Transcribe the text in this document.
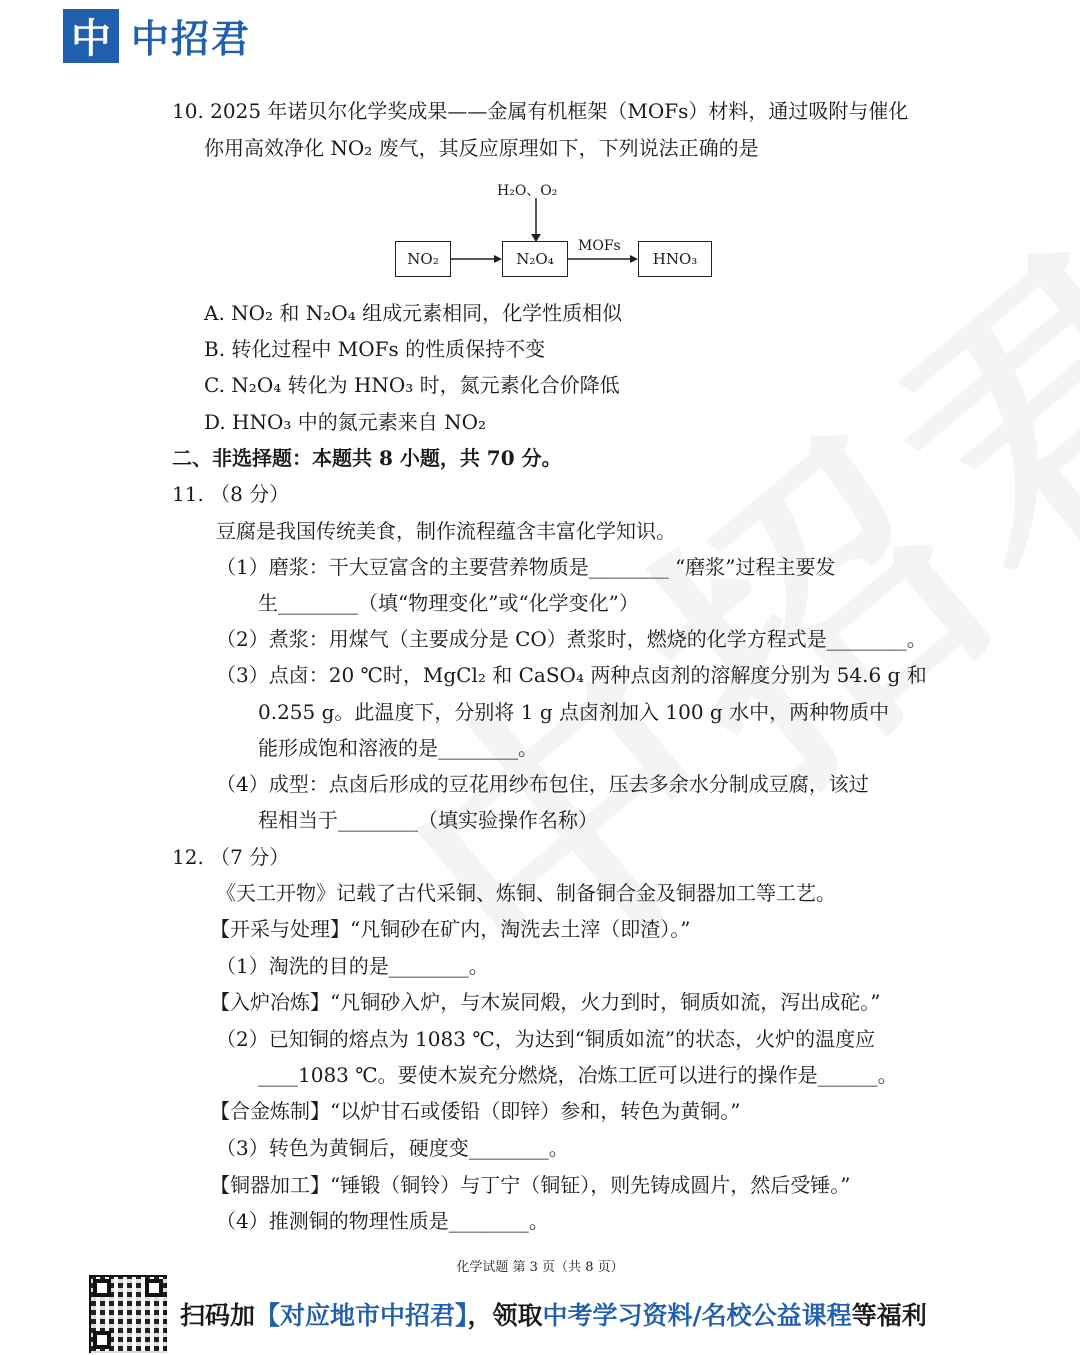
中 中招君
10. 2025 年诺贝尔化学奖成果——金属有机框架（MOFs）材料，通过吸附与催化
你用高效净化 NO₂ 废气，其反应原理如下，下列说法正确的是
H₂O、O₂
NO₂	N₂O₄
MOFs
HNO₃
A. NO₂ 和 N₂O₄ 组成元素相同，化学性质相似
B. 转化过程中 MOFs 的性质保持不变
C. N₂O₄ 转化为 HNO₃ 时，氮元素化合价降低
D. HNO₃ 中的氮元素来自 NO₂
二、非选择题：本题共 8 小题，共 70 分。
11. （8 分）
豆腐是我国传统美食，制作流程蕴含丰富化学知识。
（1）磨浆：干大豆富含的主要营养物质是________ “磨浆”过程主要发
生________（填“物理变化”或“化学变化”）
（2）煮浆：用煤气（主要成分是 CO）煮浆时，燃烧的化学方程式是________。
（3）点卤：20 ℃时，MgCl₂ 和 CaSO₄ 两种点卤剂的溶解度分别为 54.6 g 和
0.255 g。此温度下，分别将 1 g 点卤剂加入 100 g 水中，两种物质中
能形成饱和溶液的是________。
（4）成型：点卤后形成的豆花用纱布包住，压去多余水分制成豆腐，该过
程相当于________（填实验操作名称）
12. （7 分）
《天工开物》记载了古代采铜、炼铜、制备铜合金及铜器加工等工艺。
【开采与处理】“凡铜砂在矿内，淘洗去土滓（即渣）。”
（1）淘洗的目的是________。
【入炉冶炼】“凡铜砂入炉，与木炭同煅，火力到时，铜质如流，泻出成砣。”
（2）已知铜的熔点为 1083 ℃，为达到“铜质如流”的状态，火炉的温度应
____1083 ℃。要使木炭充分燃烧，冶炼工匠可以进行的操作是______。
【合金炼制】“以炉甘石或倭铅（即锌）参和，转色为黄铜。”
（3）转色为黄铜后，硬度变________。
【铜器加工】“锤锻（铜铃）与丁宁（铜钲），则先铸成圆片，然后受锤。”
（4）推测铜的物理性质是________。
化学试题 第 3 页（共 8 页）
扫码加【对应地市中招君】，领取中考学习资料/名校公益课程等福利
